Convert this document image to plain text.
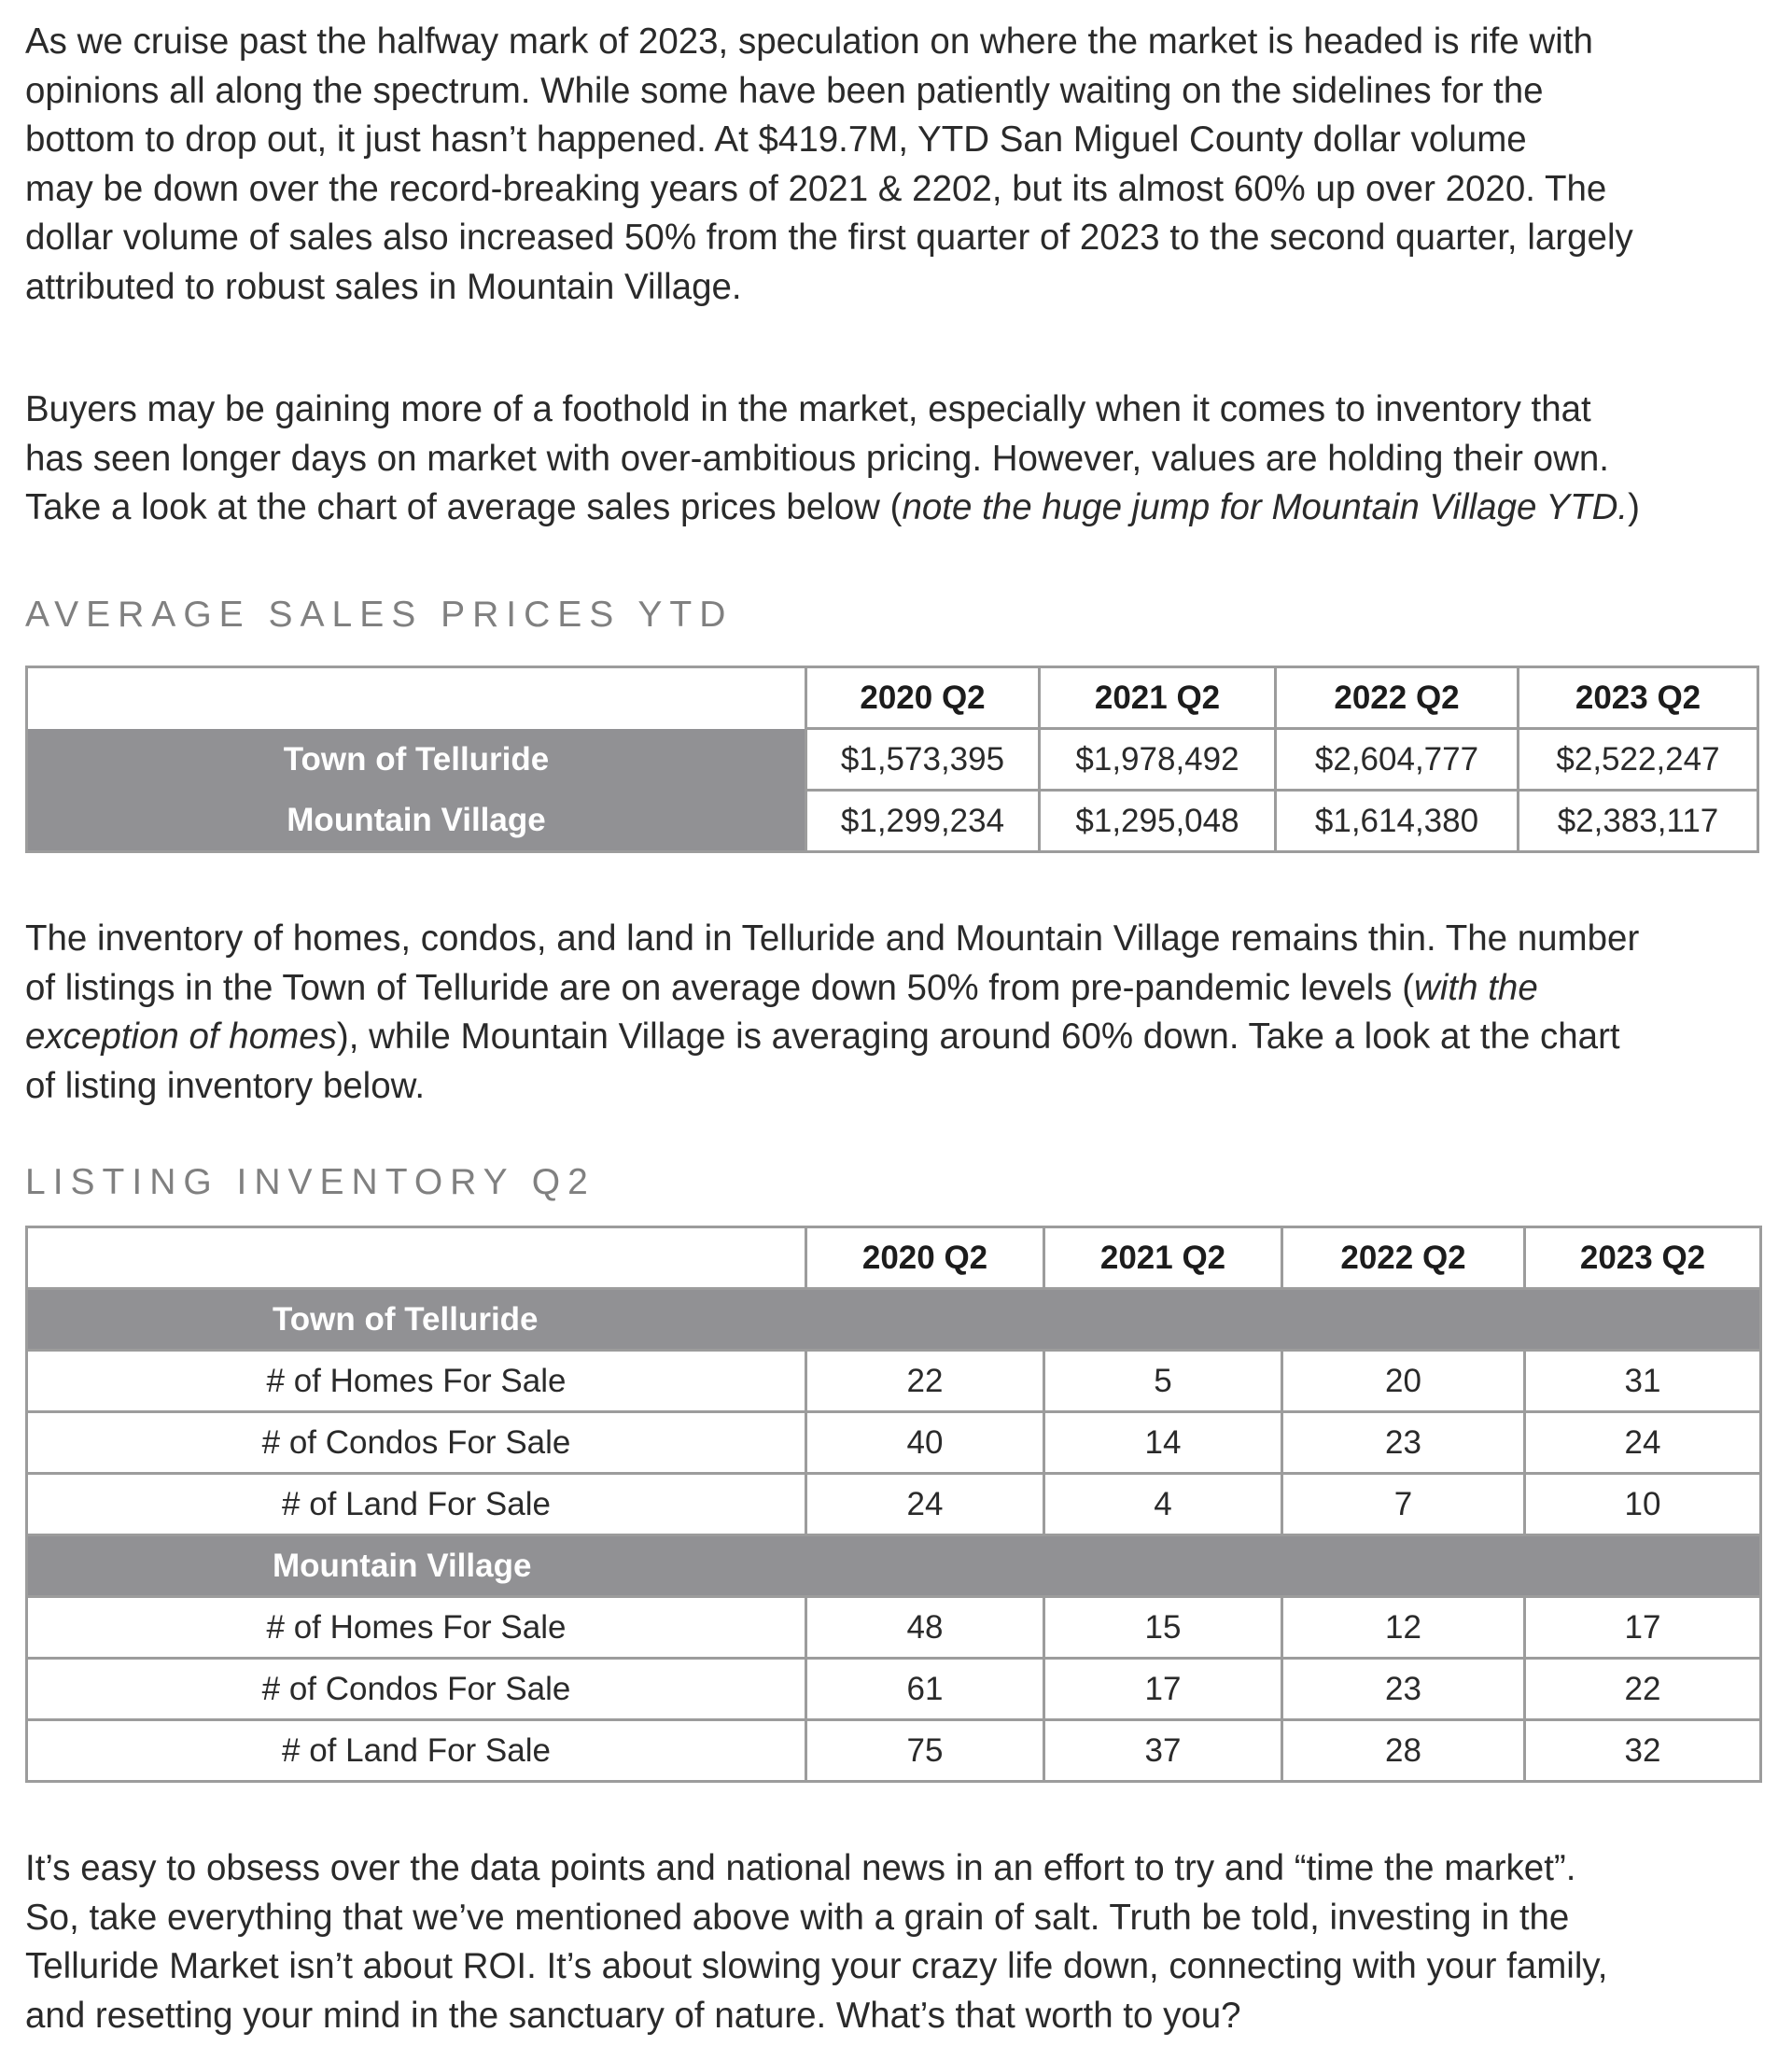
As we cruise past the halfway mark of 2023, speculation on where the market is headed is rife with
opinions all along the spectrum. While some have been patiently waiting on the sidelines for the
bottom to drop out, it just hasn’t happened. At $419.7M, YTD San Miguel County dollar volume
may be down over the record-breaking years of 2021 & 2202, but its almost 60% up over 2020. The
dollar volume of sales also increased 50% from the first quarter of 2023 to the second quarter, largely
attributed to robust sales in Mountain Village.

Buyers may be gaining more of a foothold in the market, especially when it comes to inventory that
has seen longer days on market with over-ambitious pricing. However, values are holding their own.
Take a look at the chart of average sales prices below (note the huge jump for Mountain Village YTD.)

AVERAGE SALES PRICES YTD
	2020 Q2	2021 Q2	2022 Q2	2023 Q2
Town of Telluride	$1,573,395	$1,978,492	$2,604,777	$2,522,247
Mountain Village	$1,299,234	$1,295,048	$1,614,380	$2,383,117

The inventory of homes, condos, and land in Telluride and Mountain Village remains thin. The number
of listings in the Town of Telluride are on average down 50% from pre-pandemic levels (with the
exception of homes), while Mountain Village is averaging around 60% down. Take a look at the chart
of listing inventory below.

LISTING INVENTORY Q2
	2020 Q2	2021 Q2	2022 Q2	2023 Q2
Town of Telluride				
# of Homes For Sale	22	5	20	31
# of Condos For Sale	40	14	23	24
# of Land For Sale	24	4	7	10
Mountain Village				
# of Homes For Sale	48	15	12	17
# of Condos For Sale	61	17	23	22
# of Land For Sale	75	37	28	32

It’s easy to obsess over the data points and national news in an effort to try and “time the market”.
So, take everything that we’ve mentioned above with a grain of salt. Truth be told, investing in the
Telluride Market isn’t about ROI. It’s about slowing your crazy life down, connecting with your family,
and resetting your mind in the sanctuary of nature. What’s that worth to you?
